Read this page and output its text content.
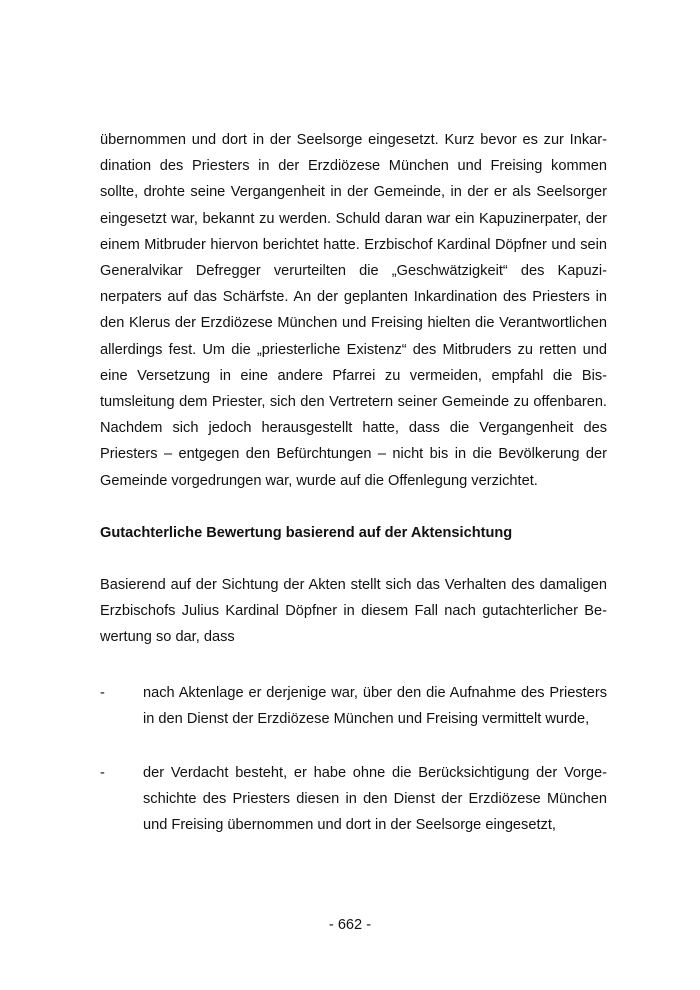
übernommen und dort in der Seelsorge eingesetzt. Kurz bevor es zur Inkardination des Priesters in der Erzdiözese München und Freising kommen sollte, drohte seine Vergangenheit in der Gemeinde, in der er als Seelsorger eingesetzt war, bekannt zu werden. Schuld daran war ein Kapuzinerpater, der einem Mitbruder hiervon berichtet hatte. Erzbischof Kardinal Döpfner und sein Generalvikar Defregger verurteilten die „Geschwätzigkeit“ des Kapuzinerpaters auf das Schärfste. An der geplanten Inkardination des Priesters in den Klerus der Erzdiözese München und Freising hielten die Verantwortlichen allerdings fest. Um die „priesterliche Existenz“ des Mitbruders zu retten und eine Versetzung in eine andere Pfarrei zu vermeiden, empfahl die Bistumsleitung dem Priester, sich den Vertretern seiner Gemeinde zu offenbaren. Nachdem sich jedoch herausgestellt hatte, dass die Vergangenheit des Priesters – entgegen den Befürchtungen – nicht bis in die Bevölkerung der Gemeinde vorgedrungen war, wurde auf die Offenlegung verzichtet.

Gutachterliche Bewertung basierend auf der Aktensichtung

Basierend auf der Sichtung der Akten stellt sich das Verhalten des damaligen Erzbischofs Julius Kardinal Döpfner in diesem Fall nach gutachterlicher Bewertung so dar, dass

-	nach Aktenlage er derjenige war, über den die Aufnahme des Priesters in den Dienst der Erzdiözese München und Freising vermittelt wurde,
-	der Verdacht besteht, er habe ohne die Berücksichtigung der Vorgeschichte des Priesters diesen in den Dienst der Erzdiözese München und Freising übernommen und dort in der Seelsorge eingesetzt,
- 662 -
